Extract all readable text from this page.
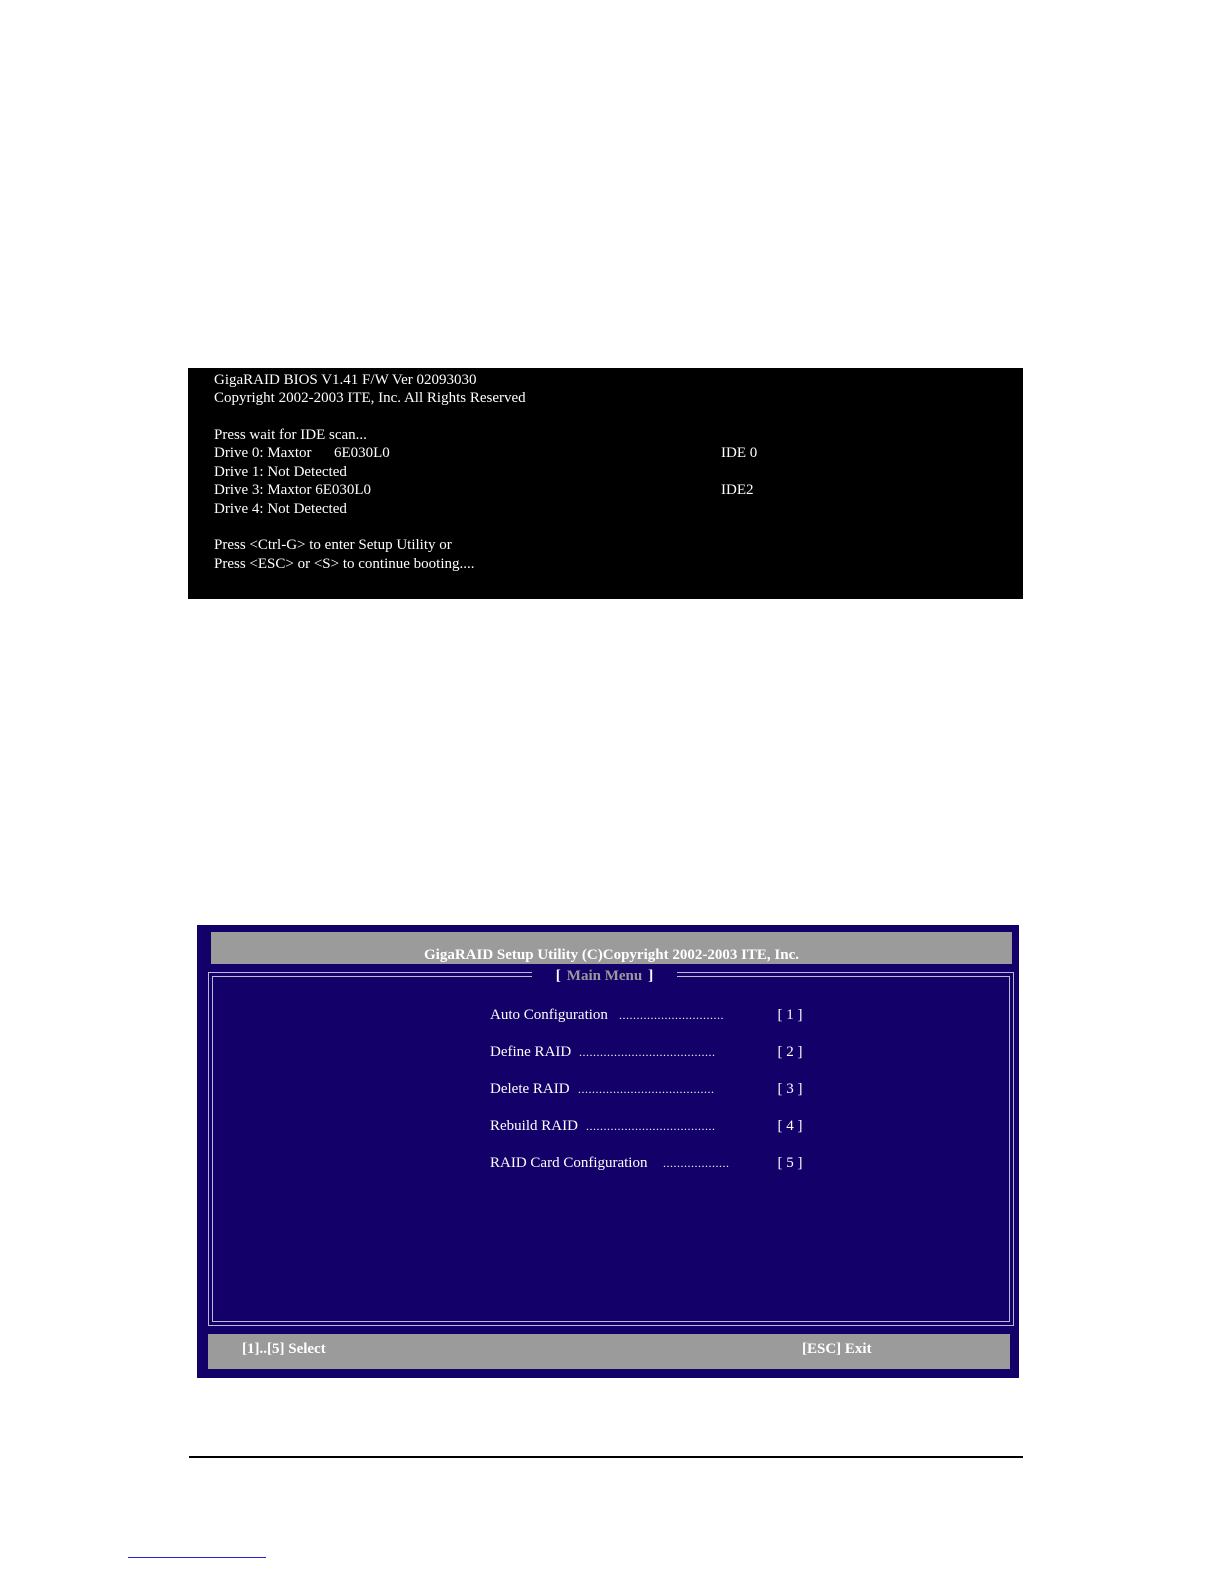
GigaRAID BIOS V1.41 F/W Ver 02093030
Copyright 2002-2003 ITE, Inc. All Rights Reserved
Press wait for IDE scan...
Drive 0: Maxtor      6E030L0	IDE 0
Drive 1: Not Detected
Drive 3: Maxtor 6E030L0	IDE2
Drive 4: Not Detected
Press <Ctrl-G> to enter Setup Utility or
Press <ESC> or <S> to continue booting....
GigaRAID Setup Utility (C)Copyright 2002-2003 ITE, Inc.
[ Main Menu ]
Auto Configuration ..............................	[ 1 ]
Define RAID .......................................	[ 2 ]
Delete RAID .......................................	[ 3 ]
Rebuild RAID .....................................	[ 4 ]
RAID Card Configuration ...................	[ 5 ]
[1]..[5] Select	[ESC] Exit
